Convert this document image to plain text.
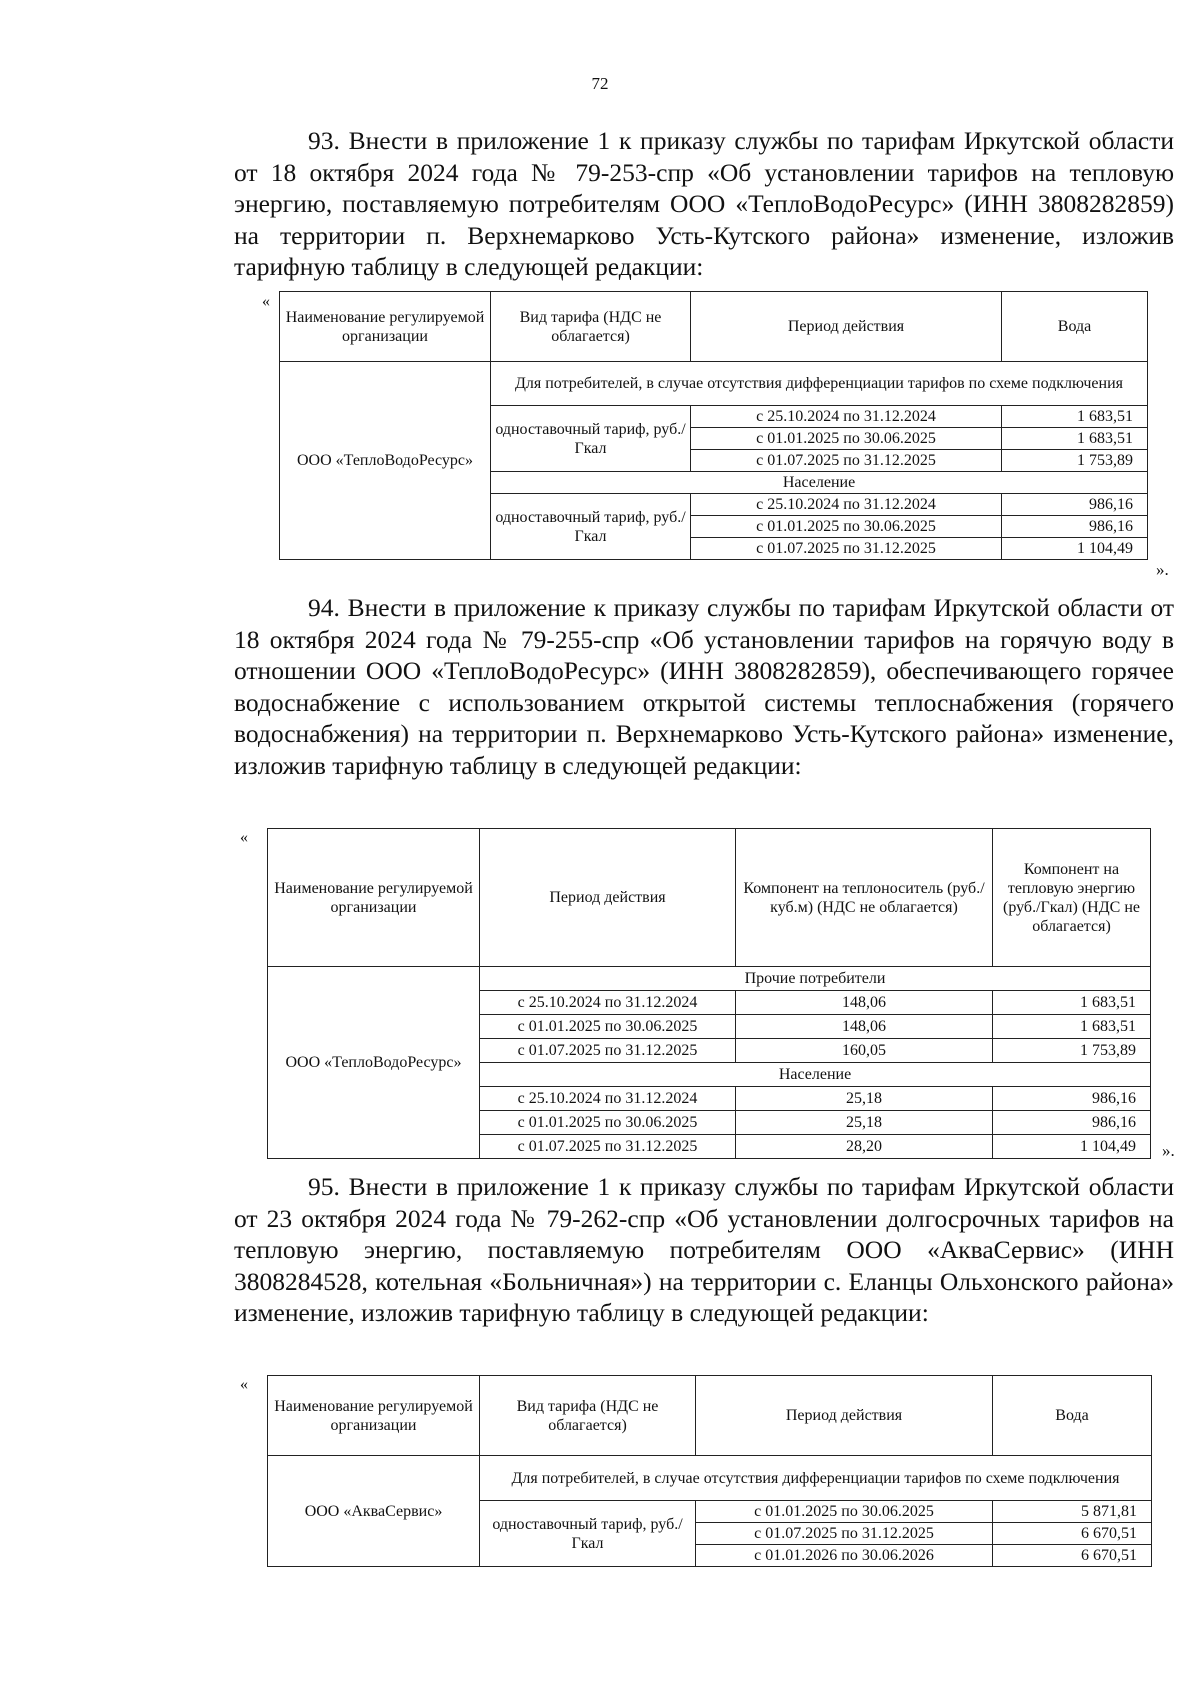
72

93. Внести в приложение 1 к приказу службы по тарифам Иркутской области от 18 октября 2024 года № 79-253-спр «Об установлении тарифов на тепловую энергию, поставляемую потребителям ООО «ТеплоВодоРесурс» (ИНН 3808282859) на территории п. Верхнемарково Усть-Кутского района» изменение, изложив тарифную таблицу в следующей редакции:

«
Наименование регулируемой организации	Вид тарифа (НДС не облагается)	Период действия	Вода
ООО «ТеплоВодоРесурс»	Для потребителей, в случае отсутствия дифференциации тарифов по схеме подключения		
	одноставочный тариф, руб./Гкал	с 25.10.2024 по 31.12.2024	1 683,51
		с 01.01.2025 по 30.06.2025	1 683,51
		с 01.07.2025 по 31.12.2025	1 753,89
	Население		
	одноставочный тариф, руб./Гкал	с 25.10.2024 по 31.12.2024	986,16
		с 01.01.2025 по 30.06.2025	986,16
		с 01.07.2025 по 31.12.2025	1 104,49
».

94. Внести в приложение к приказу службы по тарифам Иркутской области от 18 октября 2024 года № 79-255-спр «Об установлении тарифов на горячую воду в отношении ООО «ТеплоВодоРесурс» (ИНН 3808282859), обеспечивающего горячее водоснабжение с использованием открытой системы теплоснабжения (горячего водоснабжения) на территории п. Верхнемарково Усть-Кутского района» изменение, изложив тарифную таблицу в следующей редакции:

«
Наименование регулируемой организации	Период действия	Компонент на теплоноситель (руб./куб.м) (НДС не облагается)	Компонент на тепловую энергию (руб./Гкал) (НДС не облагается)
ООО «ТеплоВодоРесурс»	Прочие потребители		
	с 25.10.2024 по 31.12.2024	148,06	1 683,51
	с 01.01.2025 по 30.06.2025	148,06	1 683,51
	с 01.07.2025 по 31.12.2025	160,05	1 753,89
	Население		
	с 25.10.2024 по 31.12.2024	25,18	986,16
	с 01.01.2025 по 30.06.2025	25,18	986,16
	с 01.07.2025 по 31.12.2025	28,20	1 104,49 ».

95. Внести в приложение 1 к приказу службы по тарифам Иркутской области от 23 октября 2024 года № 79-262-спр «Об установлении долгосрочных тарифов на тепловую энергию, поставляемую потребителям ООО «АкваСервис» (ИНН 3808284528, котельная «Больничная») на территории с. Еланцы Ольхонского района» изменение, изложив тарифную таблицу в следующей редакции:

«
Наименование регулируемой организации	Вид тарифа (НДС не облагается)	Период действия	Вода
ООО «АкваСервис»	Для потребителей, в случае отсутствия дифференциации тарифов по схеме подключения		
	одноставочный тариф, руб./Гкал	с 01.01.2025 по 30.06.2025	5 871,81
		с 01.07.2025 по 31.12.2025	6 670,51
		с 01.01.2026 по 30.06.2026	6 670,51
